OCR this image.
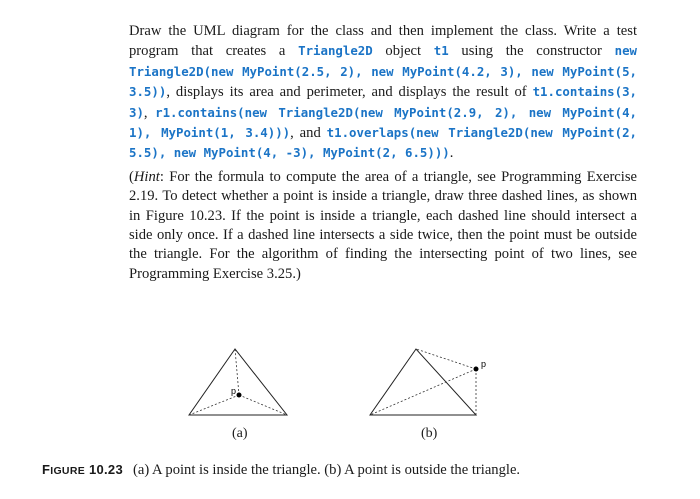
Draw the UML diagram for the class and then implement the class. Write a test program that creates a Triangle2D object t1 using the constructor new Triangle2D(new MyPoint(2.5, 2), new MyPoint(4.2, 3), new MyPoint(5, 3.5)), displays its area and perimeter, and displays the result of t1.contains(3, 3), r1.contains(new Triangle2D(new MyPoint(2.9, 2), new MyPoint(4, 1), MyPoint(1, 3.4))), and t1.overlaps(new Triangle2D(new MyPoint(2, 5.5), new MyPoint(4, -3), MyPoint(2, 6.5))).

(Hint: For the formula to compute the area of a triangle, see Programming Exercise 2.19. To detect whether a point is inside a triangle, draw three dashed lines, as shown in Figure 10.23. If the point is inside a triangle, each dashed line should intersect a side only once. If a dashed line intersects a side twice, then the point must be outside the triangle. For the algorithm of finding the intersecting point of two lines, see Programming Exercise 3.25.)

p
p
(a)	(b)
FIGURE 10.23 (a) A point is inside the triangle. (b) A point is outside the triangle.
